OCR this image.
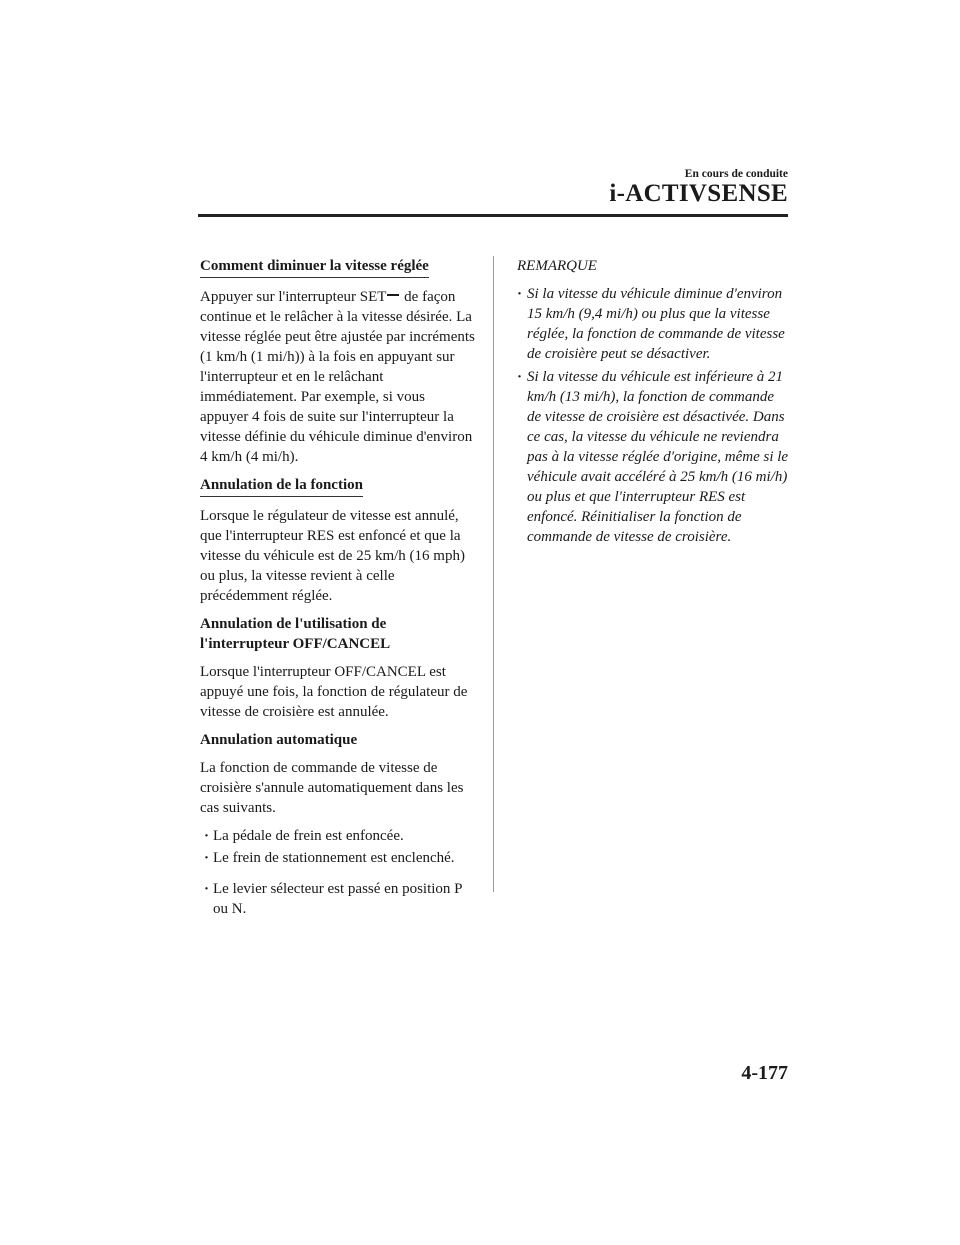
En cours de conduite
i-ACTIVSENSE
Comment diminuer la vitesse réglée

Appuyer sur l'interrupteur SET de façon continue et le relâcher à la vitesse désirée. La vitesse réglée peut être ajustée par incréments (1 km/h (1 mi/h)) à la fois en appuyant sur l'interrupteur et en le relâchant immédiatement. Par exemple, si vous appuyer 4 fois de suite sur l'interrupteur la vitesse définie du véhicule diminue d'environ 4 km/h (4 mi/h).

Annulation de la fonction

Lorsque le régulateur de vitesse est annulé, que l'interrupteur RES est enfoncé et que la vitesse du véhicule est de 25 km/h (16 mph) ou plus, la vitesse revient à celle précédemment réglée.

Annulation de l'utilisation de l'interrupteur OFF/CANCEL

Lorsque l'interrupteur OFF/CANCEL est appuyé une fois, la fonction de régulateur de vitesse de croisière est annulée.

Annulation automatique

La fonction de commande de vitesse de croisière s'annule automatiquement dans les cas suivants.

· La pédale de frein est enfoncée.
· Le frein de stationnement est enclenché.
· Le levier sélecteur est passé en position P ou N.
REMARQUE
· Si la vitesse du véhicule diminue d'environ 15 km/h (9,4 mi/h) ou plus que la vitesse réglée, la fonction de commande de vitesse de croisière peut se désactiver.
· Si la vitesse du véhicule est inférieure à 21 km/h (13 mi/h), la fonction de commande de vitesse de croisière est désactivée. Dans ce cas, la vitesse du véhicule ne reviendra pas à la vitesse réglée d'origine, même si le véhicule avait accéléré à 25 km/h (16 mi/h) ou plus et que l'interrupteur RES est enfoncé. Réinitialiser la fonction de commande de vitesse de croisière.
4-177
